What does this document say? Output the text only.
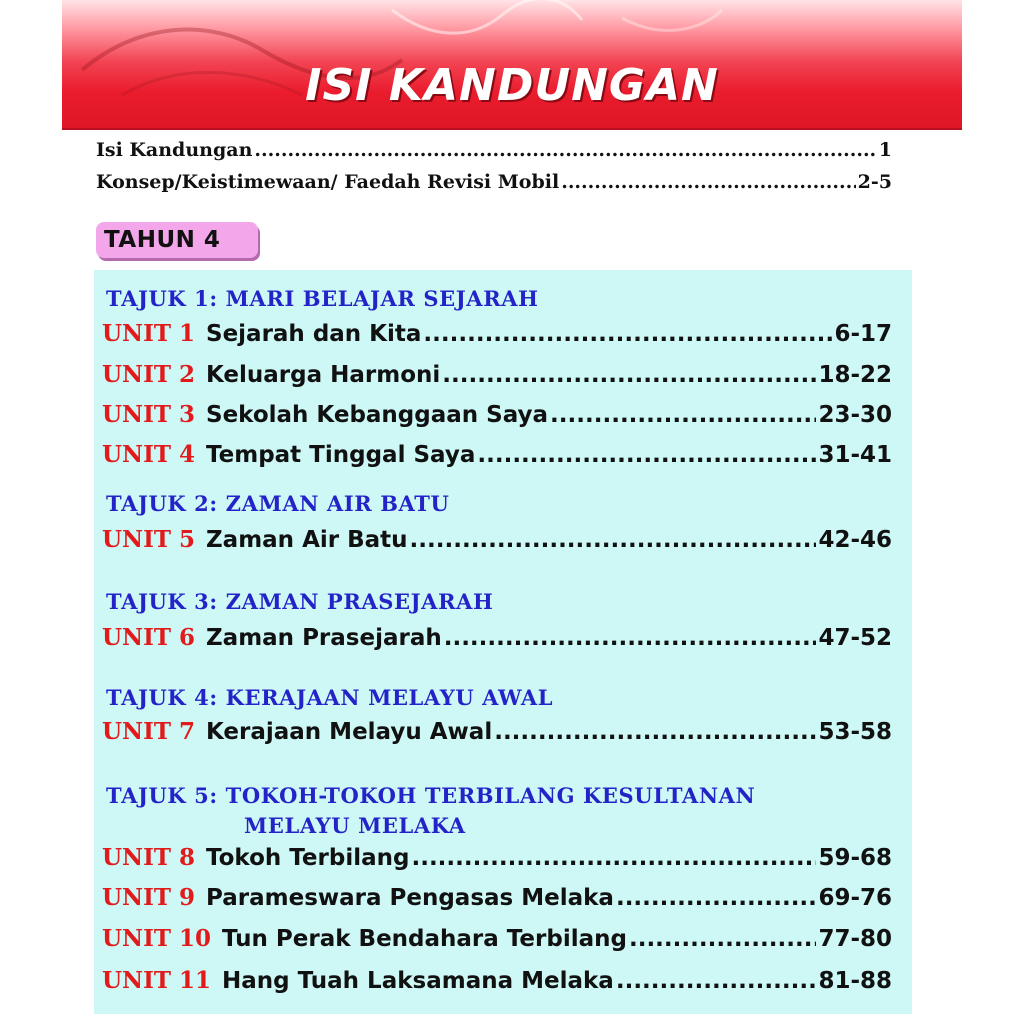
ISI KANDUNGAN
Isi Kandungan .....	1
Konsep/Keistimewaan/ Faedah Revisi Mobil .....	2-5
TAHUN 4
TAJUK 1: MARI BELAJAR SEJARAH
UNIT 1 Sejarah dan Kita .....	6-17
UNIT 2 Keluarga Harmoni .....	18-22
UNIT 3 Sekolah Kebanggaan Saya .....	23-30
UNIT 4 Tempat Tinggal Saya .....	31-41
TAJUK 2: ZAMAN AIR BATU
UNIT 5 Zaman Air Batu .....	42-46
TAJUK 3: ZAMAN PRASEJARAH
UNIT 6 Zaman Prasejarah .....	47-52
TAJUK 4: KERAJAAN MELAYU AWAL
UNIT 7 Kerajaan Melayu Awal .....	53-58
TAJUK 5: TOKOH-TOKOH TERBILANG KESULTANAN
MELAYU MELAKA
UNIT 8 Tokoh Terbilang .....	59-68
UNIT 9 Parameswara Pengasas Melaka .....	69-76
UNIT 10 Tun Perak Bendahara Terbilang .....	77-80
UNIT 11 Hang Tuah Laksamana Melaka .....	81-88
